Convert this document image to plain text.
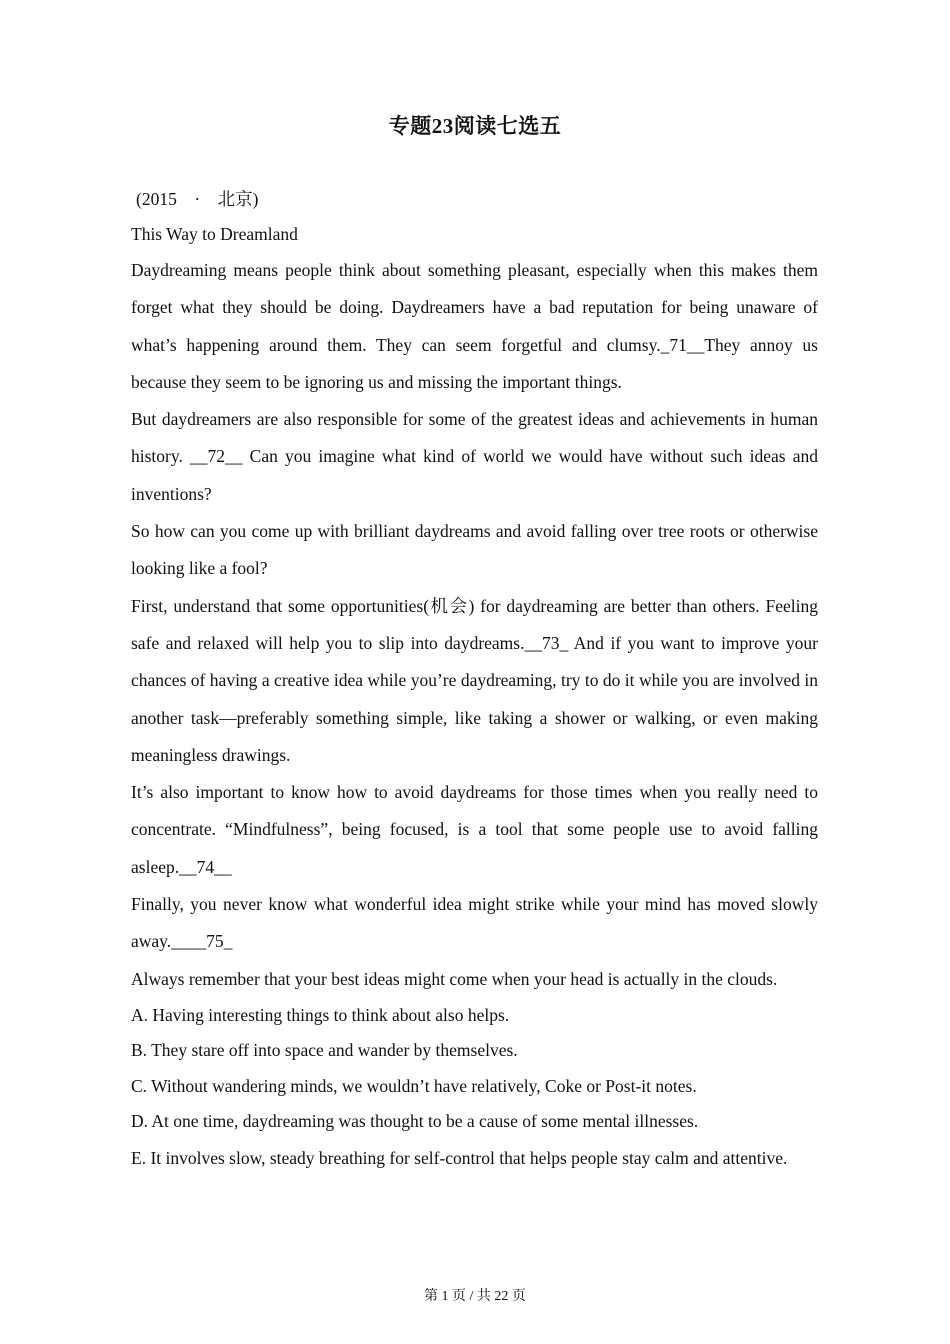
专题23阅读七选五
(2015　·　北京)
This Way to Dreamland
Daydreaming means people think about something pleasant, especially when this makes them forget what they should be doing. Daydreamers have a bad reputation for being unaware of what’s happening around them. They can seem forgetful and clumsy._71__They annoy us because they seem to be ignoring us and missing the important things.
But daydreamers are also responsible for some of the greatest ideas and achievements in human history. __72__ Can you imagine what kind of world we would have without such ideas and inventions?
So how can you come up with brilliant daydreams and avoid falling over tree roots or otherwise looking like a fool?
First, understand that some opportunities(机会) for daydreaming are better than others. Feeling safe and relaxed will help you to slip into daydreams.__73_ And if you want to improve your chances of having a creative idea while you’re daydreaming, try to do it while you are involved in another task—preferably something simple, like taking a shower or walking, or even making meaningless drawings.
It’s also important to know how to avoid daydreams for those times when you really need to concentrate. “Mindfulness”, being focused, is a tool that some people use to avoid falling asleep.__74__
Finally, you never know what wonderful idea might strike while your mind has moved slowly away.____75_
Always remember that your best ideas might come when your head is actually in the clouds.
A. Having interesting things to think about also helps.
B. They stare off into space and wander by themselves.
C. Without wandering minds, we wouldn’t have relatively, Coke or Post-it notes.
D. At one time, daydreaming was thought to be a cause of some mental illnesses.
E. It involves slow, steady breathing for self-control that helps people stay calm and attentive.
第 1 页 / 共 22 页
